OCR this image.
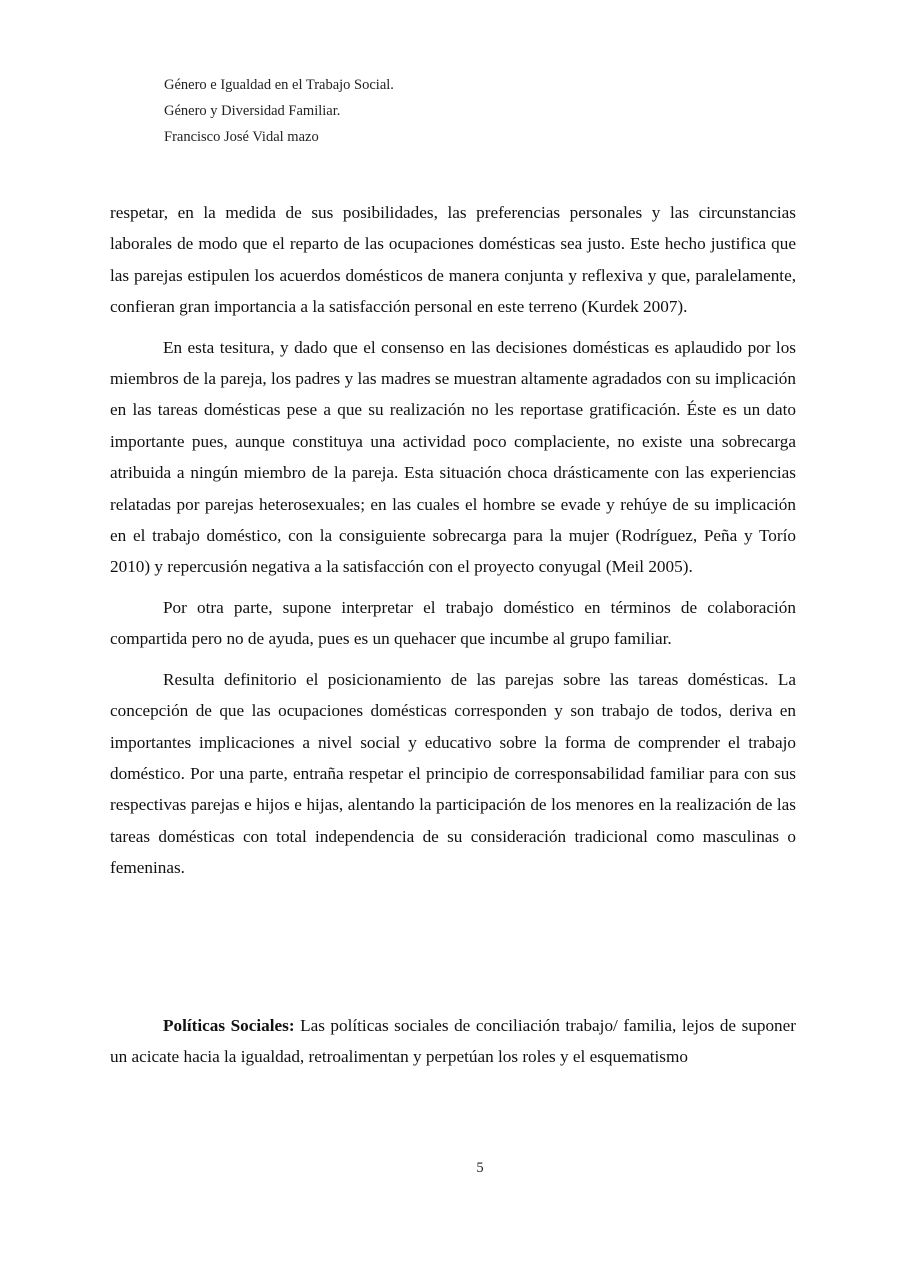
Género e Igualdad en el Trabajo Social.
Género y Diversidad Familiar.
Francisco José Vidal mazo

respetar, en la medida de sus posibilidades, las preferencias personales y las circunstancias laborales de modo que el reparto de las ocupaciones domésticas sea justo. Este hecho justifica que las parejas estipulen los acuerdos domésticos de manera conjunta y reflexiva y que, paralelamente, confieran gran importancia a la satisfacción personal en este terreno (Kurdek 2007).

En esta tesitura, y dado que el consenso en las decisiones domésticas es aplaudido por los miembros de la pareja, los padres y las madres se muestran altamente agradados con su implicación en las tareas domésticas pese a que su realización no les reportase gratificación. Éste es un dato importante pues, aunque constituya una actividad poco complaciente, no existe una sobrecarga atribuida a ningún miembro de la pareja. Esta situación choca drásticamente con las experiencias relatadas por parejas heterosexuales; en las cuales el hombre se evade y rehúye de su implicación en el trabajo doméstico, con la consiguiente sobrecarga para la mujer (Rodríguez, Peña y Torío 2010) y repercusión negativa a la satisfacción con el proyecto conyugal (Meil 2005).

Por otra parte, supone interpretar el trabajo doméstico en términos de colaboración compartida pero no de ayuda, pues es un quehacer que incumbe al grupo familiar.

Resulta definitorio el posicionamiento de las parejas sobre las tareas domésticas. La concepción de que las ocupaciones domésticas corresponden y son trabajo de todos, deriva en importantes implicaciones a nivel social y educativo sobre la forma de comprender el trabajo doméstico. Por una parte, entraña respetar el principio de corresponsabilidad familiar para con sus respectivas parejas e hijos e hijas, alentando la participación de los menores en la realización de las tareas domésticas con total independencia de su consideración tradicional como masculinas o femeninas.

Políticas Sociales: Las políticas sociales de conciliación trabajo/ familia, lejos de suponer un acicate hacia la igualdad, retroalimentan y perpetúan los roles y el esquematismo

5
